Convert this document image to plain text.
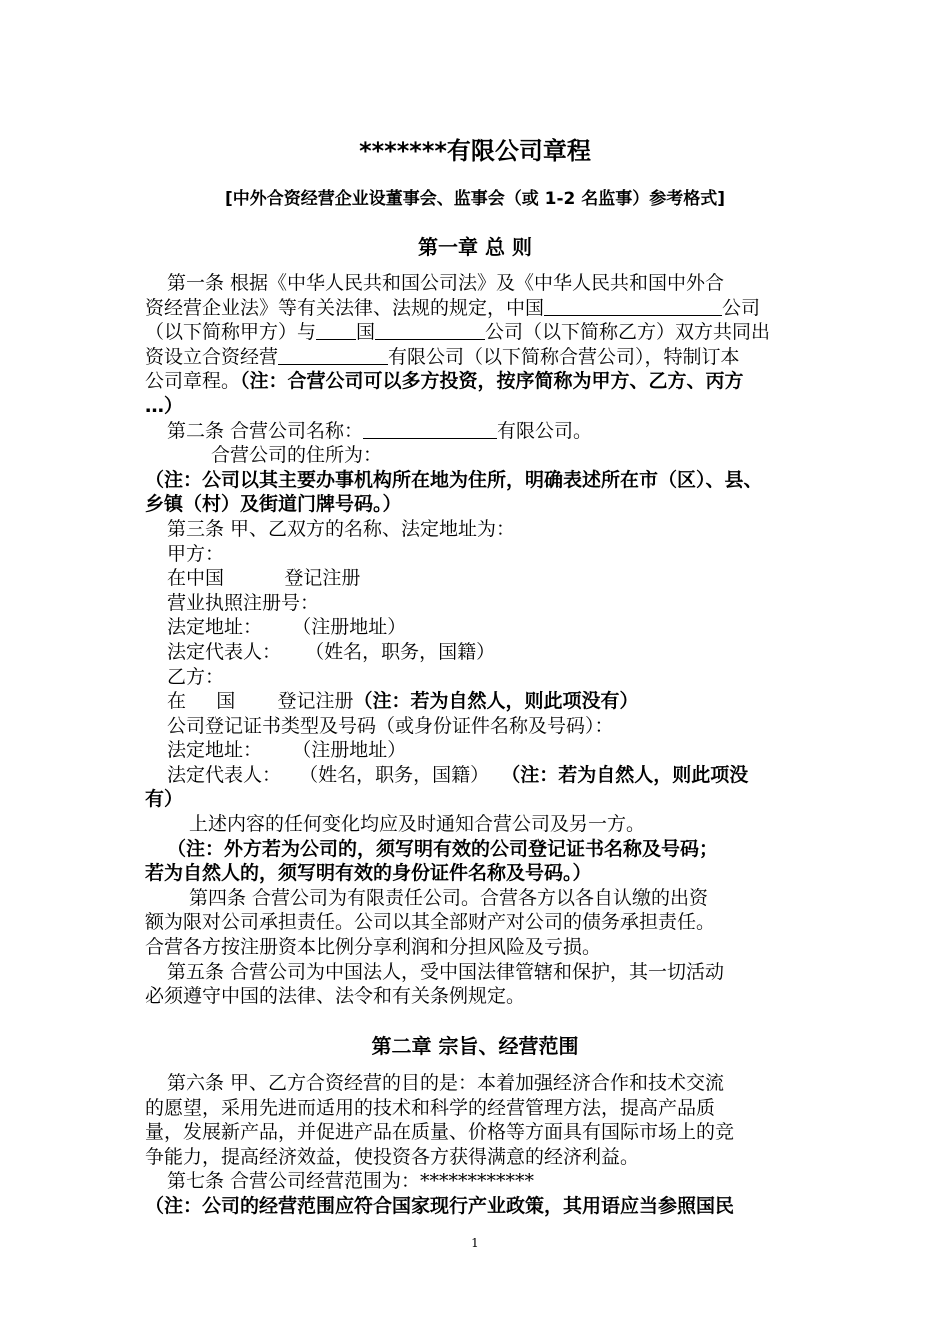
*******有限公司章程
[中外合资经营企业设董事会、监事会（或 1-2 名监事）参考格式]
第一章 总 则

第一条 根据《中华人民共和国公司法》及《中华人民共和国中外合

资经营企业法》等有关法律、法规的规定，中国	公司

（以下简称甲方）与 国	公司（以下简称乙方）双方共同出

资设立合资经营	有限公司（以下简称合营公司），特制订本

公司章程。（注：合营公司可以多方投资，按序简称为甲方、乙方、丙方

…）

第二条 合营公司名称：	有限公司。

合营公司的住所为：

（注：公司以其主要办事机构所在地为住所，明确表述所在市（区）、县、

乡镇（村）及街道门牌号码。）

第三条 甲、乙双方的名称、法定地址为：

甲方：

在中国          登记注册

营业执照注册号：

法定地址：     （注册地址）

法定代表人：    （姓名，职务，国籍）

乙方：

在     国       登记注册（注：若为自然人，则此项没有）

公司登记证书类型及号码（或身份证件名称及号码）：

法定地址：     （注册地址）

法定代表人：   （姓名，职务，国籍） （注：若为自然人，则此项没

有）

上述内容的任何变化均应及时通知合营公司及另一方。

（注：外方若为公司的，须写明有效的公司登记证书名称及号码；

若为自然人的，须写明有效的身份证件名称及号码。）

第四条 合营公司为有限责任公司。合营各方以各自认缴的出资

额为限对公司承担责任。公司以其全部财产对公司的债务承担责任。

合营各方按注册资本比例分享利润和分担风险及亏损。

第五条 合营公司为中国法人，受中国法律管辖和保护，其一切活动

必须遵守中国的法律、法令和有关条例规定。

第二章 宗旨、经营范围

第六条 甲、乙方合资经营的目的是：本着加强经济合作和技术交流

的愿望，采用先进而适用的技术和科学的经营管理方法，提高产品质

量，发展新产品，并促进产品在质量、价格等方面具有国际市场上的竞

争能力，提高经济效益，使投资各方获得满意的经济利益。

第七条 合营公司经营范围为：************

（注：公司的经营范围应符合国家现行产业政策，其用语应当参照国民

1
